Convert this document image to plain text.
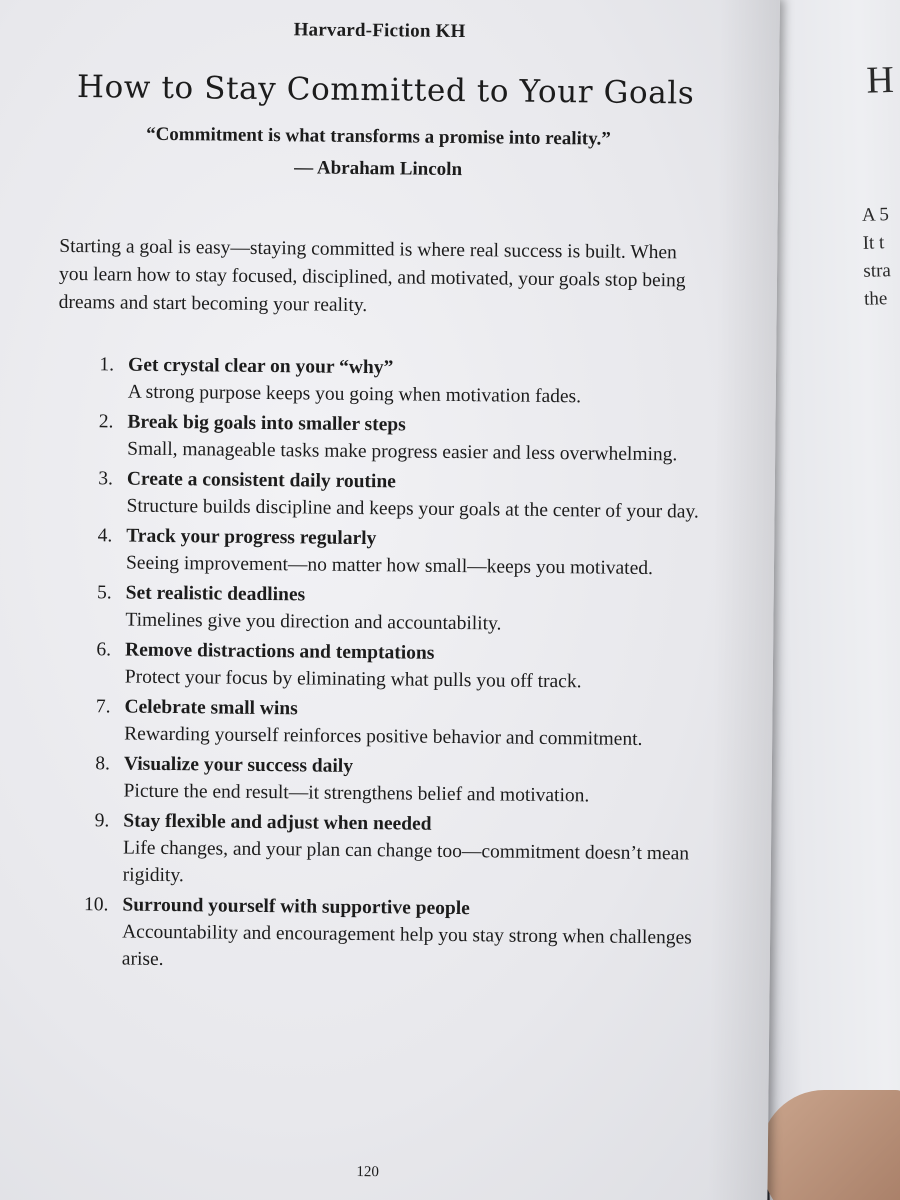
H
A 5
It t
stra
the
Harvard-Fiction KH
How to Stay Committed to Your Goals
“Commitment is what transforms a promise into reality.”
— Abraham Lincoln

Starting a goal is easy—staying committed is where real success is built. When you learn how to stay focused, disciplined, and motivated, your goals stop being dreams and start becoming your reality.

1. Get crystal clear on your “why”
A strong purpose keeps you going when motivation fades.
2. Break big goals into smaller steps
Small, manageable tasks make progress easier and less overwhelming.
3. Create a consistent daily routine
Structure builds discipline and keeps your goals at the center of your day.
4. Track your progress regularly
Seeing improvement—no matter how small—keeps you motivated.
5. Set realistic deadlines
Timelines give you direction and accountability.
6. Remove distractions and temptations
Protect your focus by eliminating what pulls you off track.
7. Celebrate small wins
Rewarding yourself reinforces positive behavior and commitment.
8. Visualize your success daily
Picture the end result—it strengthens belief and motivation.
9. Stay flexible and adjust when needed
Life changes, and your plan can change too—commitment doesn’t mean rigidity.
10. Surround yourself with supportive people
Accountability and encouragement help you stay strong when challenges arise.
120
